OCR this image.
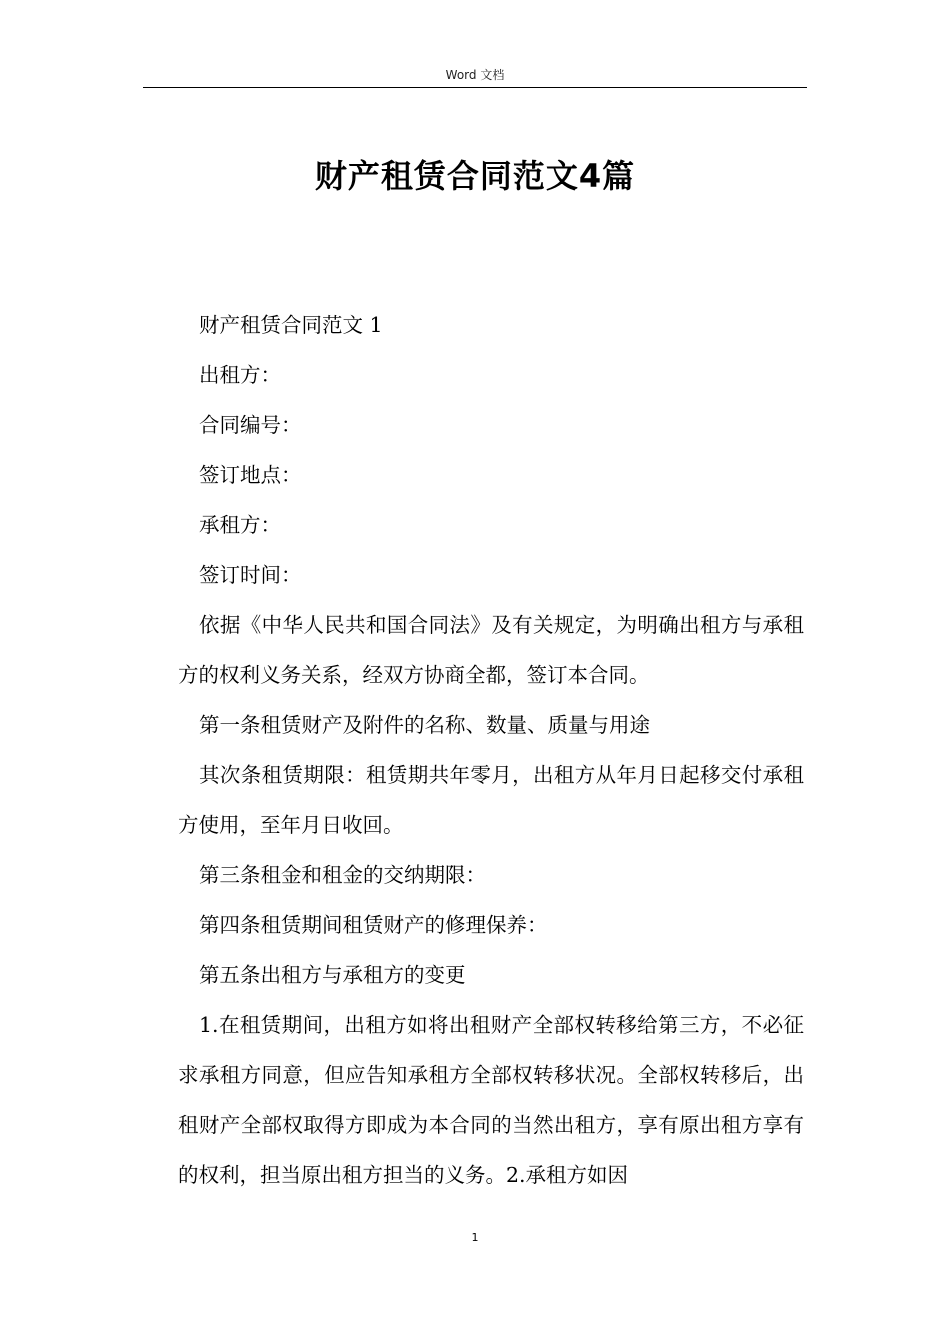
Word 文档
财产租赁合同范文4篇

财产租赁合同范文 1

出租方：

合同编号：

签订地点：

承租方：

签订时间：

依据《中华人民共和国合同法》及有关规定，为明确出租方与承租方的权利义务关系，经双方协商全都，签订本合同。

第一条租赁财产及附件的名称、数量、质量与用途

其次条租赁期限：租赁期共年零月，出租方从年月日起移交付承租方使用，至年月日收回。

第三条租金和租金的交纳期限：

第四条租赁期间租赁财产的修理保养：

第五条出租方与承租方的变更

1.在租赁期间，出租方如将出租财产全部权转移给第三方，不必征求承租方同意，但应告知承租方全部权转移状况。全部权转移后，出租财产全部权取得方即成为本合同的当然出租方，享有原出租方享有的权利，担当原出租方担当的义务。2.承租方如因

1
